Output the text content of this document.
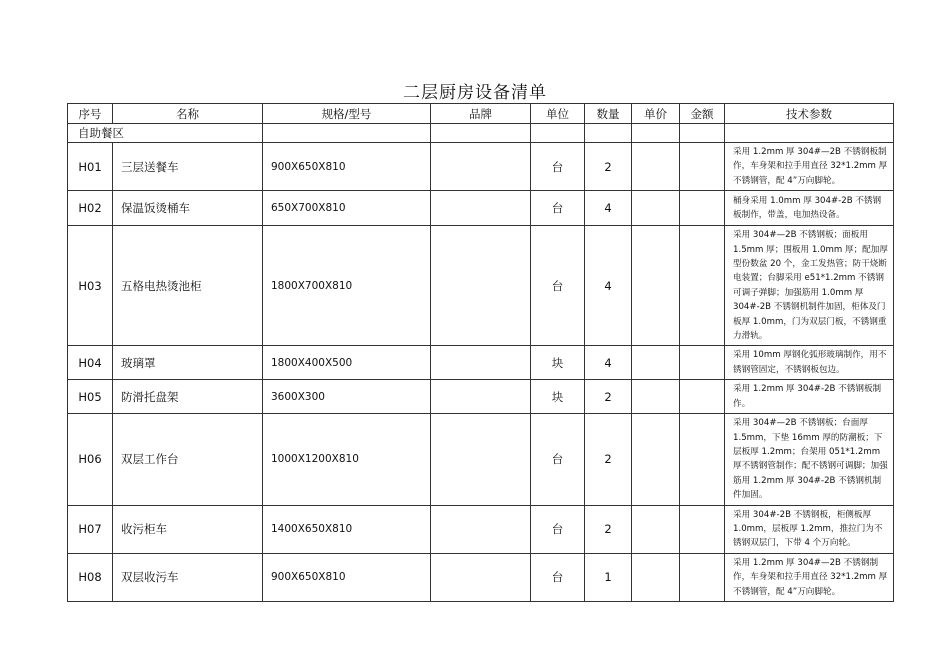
二层厨房设备清单
序号	名称	规格/型号	品牌	单位	数量	单价	金额	技术参数
自助餐区								
H01	三层送餐车	900X650X810		台	2			采用 1.2mm 厚 304#—2B 不锈钢板制作，车身架和拉手用直径 32*1.2mm 厚不锈钢管，配 4”万向脚轮。
H02	保温饭烫桶车	650X700X810		台	4			桶身采用 1.0mm 厚 304#-2B 不锈钢板制作，带盖，电加热设备。
H03	五格电热烫池柜	1800X700X810		台	4			采用 304#—2B 不锈钢板；面板用 1.5mm 厚；围板用 1.0mm 厚；配加厚型份数盆 20 个，金工发热管；防干烧断电装置；台脚采用 e51*1.2mm 不锈钢可调子弹脚；加强筋用 1.0mm 厚 304#-2B 不锈钢机制件加固，柜体及门板厚 1.0mm，门为双层门板，不锈钢重力滑轨。
H04	玻璃罩	1800X400X500		块	4			采用 10mm 厚钢化弧形玻璃制作，用不锈钢管固定，不锈钢板包边。
H05	防滑托盘架	3600X300		块	2			采用 1.2mm 厚 304#-2B 不锈钢板制作。
H06	双层工作台	1000X1200X810		台	2			采用 304#—2B 不锈钢板；台面厚 1.5mm，下垫 16mm 厚的防潮板；下层板厚 1.2mm；台架用 051*1.2mm 厚不锈钢管制作；配不锈钢可调脚；加强筋用 1.2mm 厚 304#-2B 不锈钢机制件加固。
H07	收污柜车	1400X650X810		台	2			采用 304#-2B 不锈钢板，柜侧板厚 1.0mm，层板厚 1.2mm，推拉门为不锈钢双层门，下带 4 个万向轮。
H08	双层收污车	900X650X810		台	1			采用 1.2mm 厚 304#—2B 不锈钢制作，车身架和拉手用直径 32*1.2mm 厚不锈钢管，配 4”万向脚轮。
